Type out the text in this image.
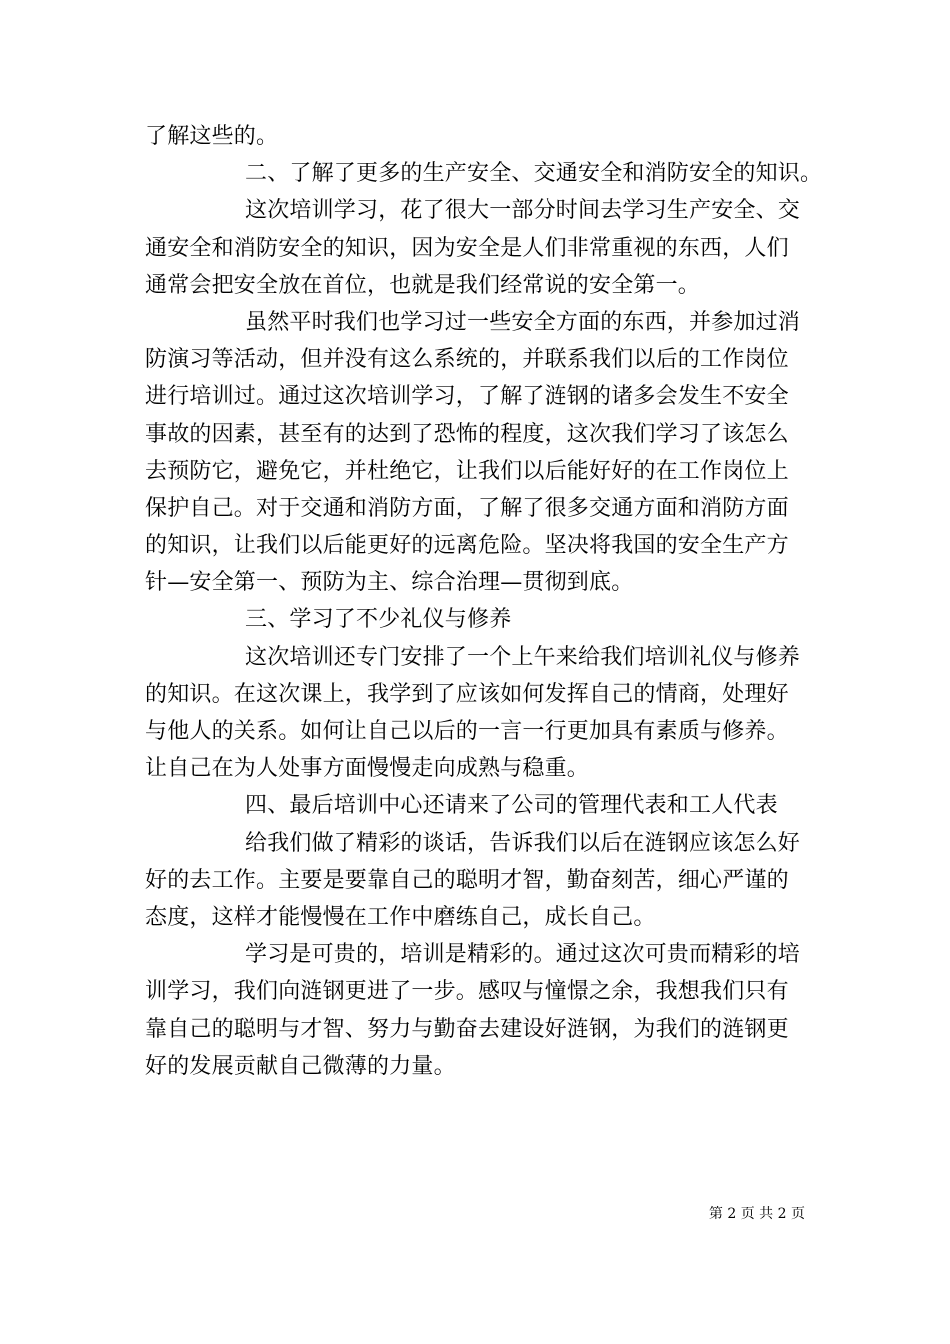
了解这些的。
二、了解了更多的生产安全、交通安全和消防安全的知识。
这次培训学习，花了很大一部分时间去学习生产安全、交
通安全和消防安全的知识，因为安全是人们非常重视的东西，人们
通常会把安全放在首位，也就是我们经常说的安全第一。
虽然平时我们也学习过一些安全方面的东西，并参加过消
防演习等活动，但并没有这么系统的，并联系我们以后的工作岗位
进行培训过。通过这次培训学习，了解了涟钢的诸多会发生不安全
事故的因素，甚至有的达到了恐怖的程度，这次我们学习了该怎么
去预防它，避免它，并杜绝它，让我们以后能好好的在工作岗位上
保护自己。对于交通和消防方面，了解了很多交通方面和消防方面
的知识，让我们以后能更好的远离危险。坚决将我国的安全生产方
针—安全第一、预防为主、综合治理—贯彻到底。
三、学习了不少礼仪与修养
这次培训还专门安排了一个上午来给我们培训礼仪与修养
的知识。在这次课上，我学到了应该如何发挥自己的情商，处理好
与他人的关系。如何让自己以后的一言一行更加具有素质与修养。
让自己在为人处事方面慢慢走向成熟与稳重。
四、最后培训中心还请来了公司的管理代表和工人代表
给我们做了精彩的谈话，告诉我们以后在涟钢应该怎么好
好的去工作。主要是要靠自己的聪明才智，勤奋刻苦，细心严谨的
态度，这样才能慢慢在工作中磨练自己，成长自己。
学习是可贵的，培训是精彩的。通过这次可贵而精彩的培
训学习，我们向涟钢更进了一步。感叹与憧憬之余，我想我们只有
靠自己的聪明与才智、努力与勤奋去建设好涟钢，为我们的涟钢更
好的发展贡献自己微薄的力量。
第 2 页 共 2 页
